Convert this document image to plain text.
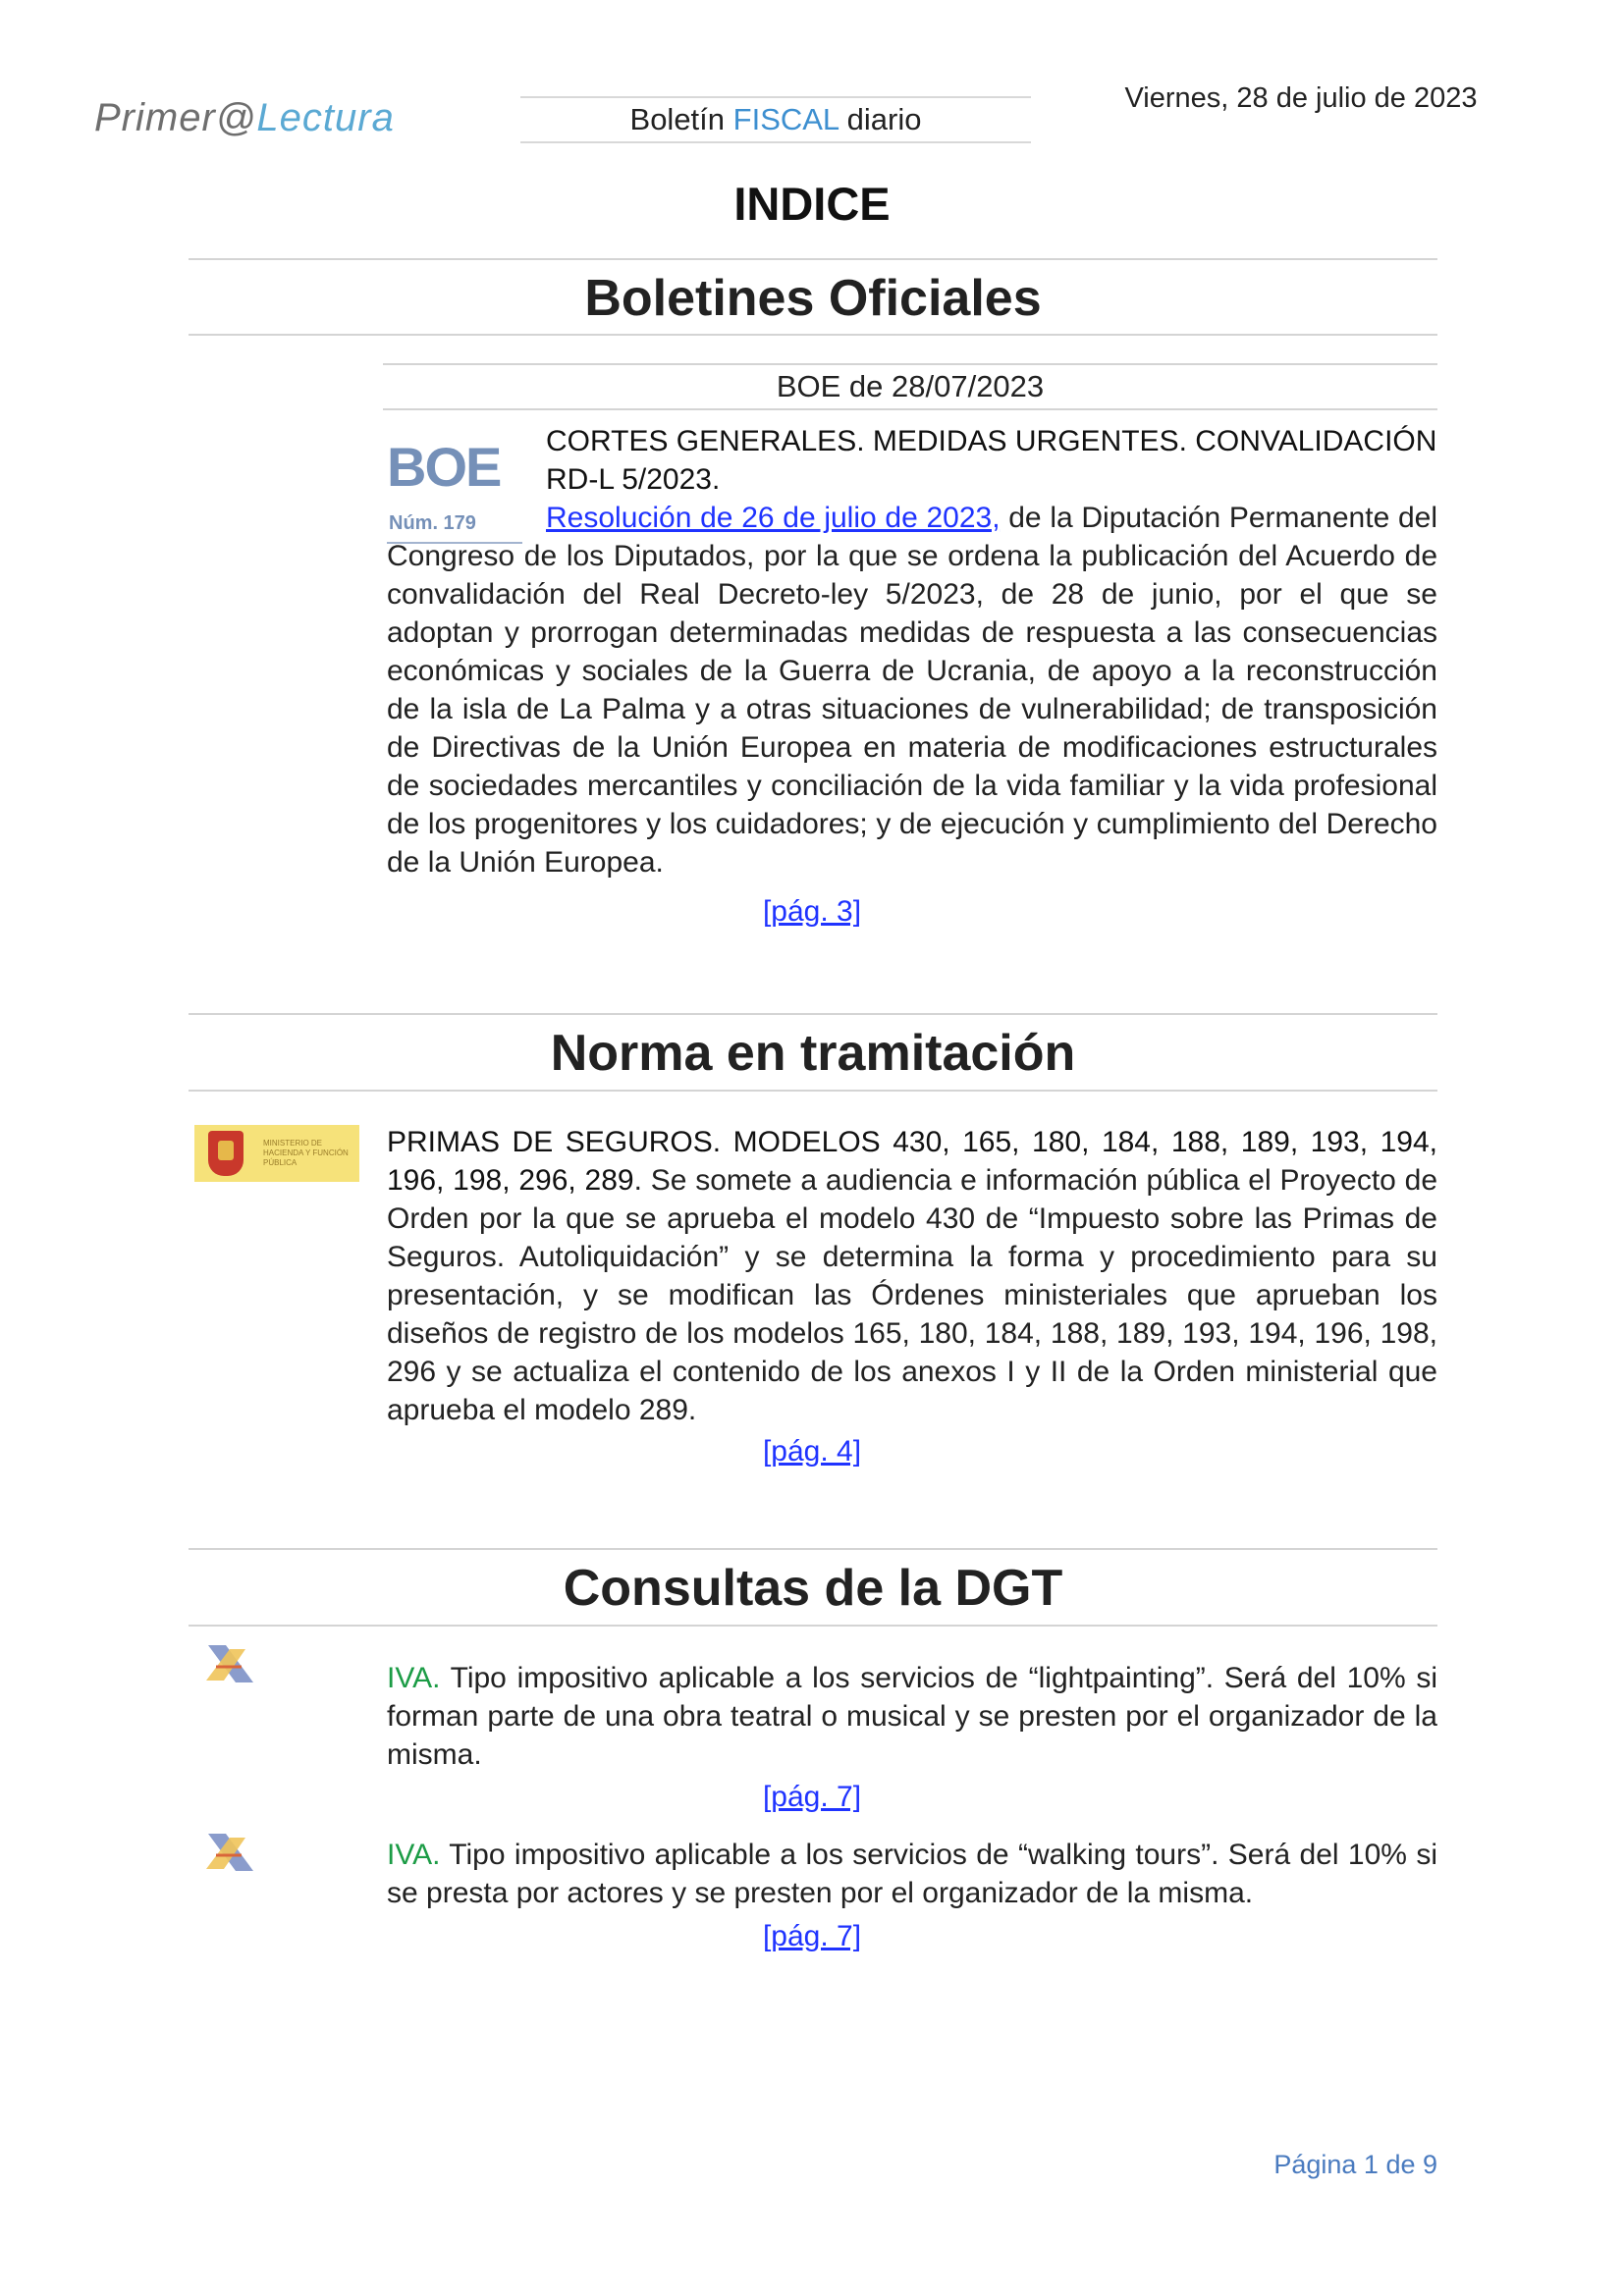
Primer@Lectura	Boletín FISCAL diario
Viernes, 28 de julio de 2023
INDICE
Boletines Oficiales
BOE de 28/07/2023
BOE
Núm. 179
CORTES GENERALES. MEDIDAS URGENTES. CONVALIDACIÓN RD-L 5/2023.
Resolución de 26 de julio de 2023, de la Diputación Permanente del Congreso de los Diputados, por la que se ordena la publicación del Acuerdo de convalidación del Real Decreto-ley 5/2023, de 28 de junio, por el que se adoptan y prorrogan determinadas medidas de respuesta a las consecuencias económicas y sociales de la Guerra de Ucrania, de apoyo a la reconstrucción de la isla de La Palma y a otras situaciones de vulnerabilidad; de transposición de Directivas de la Unión Europea en materia de modificaciones estructurales de sociedades mercantiles y conciliación de la vida familiar y la vida profesional de los progenitores y los cuidadores; y de ejecución y cumplimiento del Derecho de la Unión Europea.
[pág. 3]
Norma en tramitación
MINISTERIO DE HACIENDA Y FUNCIÓN PÚBLICA
PRIMAS DE SEGUROS. MODELOS 430, 165, 180, 184, 188, 189, 193, 194, 196, 198, 296, 289. Se somete a audiencia e información pública el Proyecto de Orden por la que se aprueba el modelo 430 de “Impuesto sobre las Primas de Seguros. Autoliquidación” y se determina la forma y procedimiento para su presentación, y se modifican las Órdenes ministeriales que aprueban los diseños de registro de los modelos 165, 180, 184, 188, 189, 193, 194, 196, 198, 296 y se actualiza el contenido de los anexos I y II de la Orden ministerial que aprueba el modelo 289.
[pág. 4]
Consultas de la DGT
IVA. Tipo impositivo aplicable a los servicios de “lightpainting”. Será del 10% si forman parte de una obra teatral o musical y se presten por el organizador de la misma.
[pág. 7]
IVA. Tipo impositivo aplicable a los servicios de “walking tours”. Será del 10% si se presta por actores y se presten por el organizador de la misma.
[pág. 7]
Página 1 de 9
